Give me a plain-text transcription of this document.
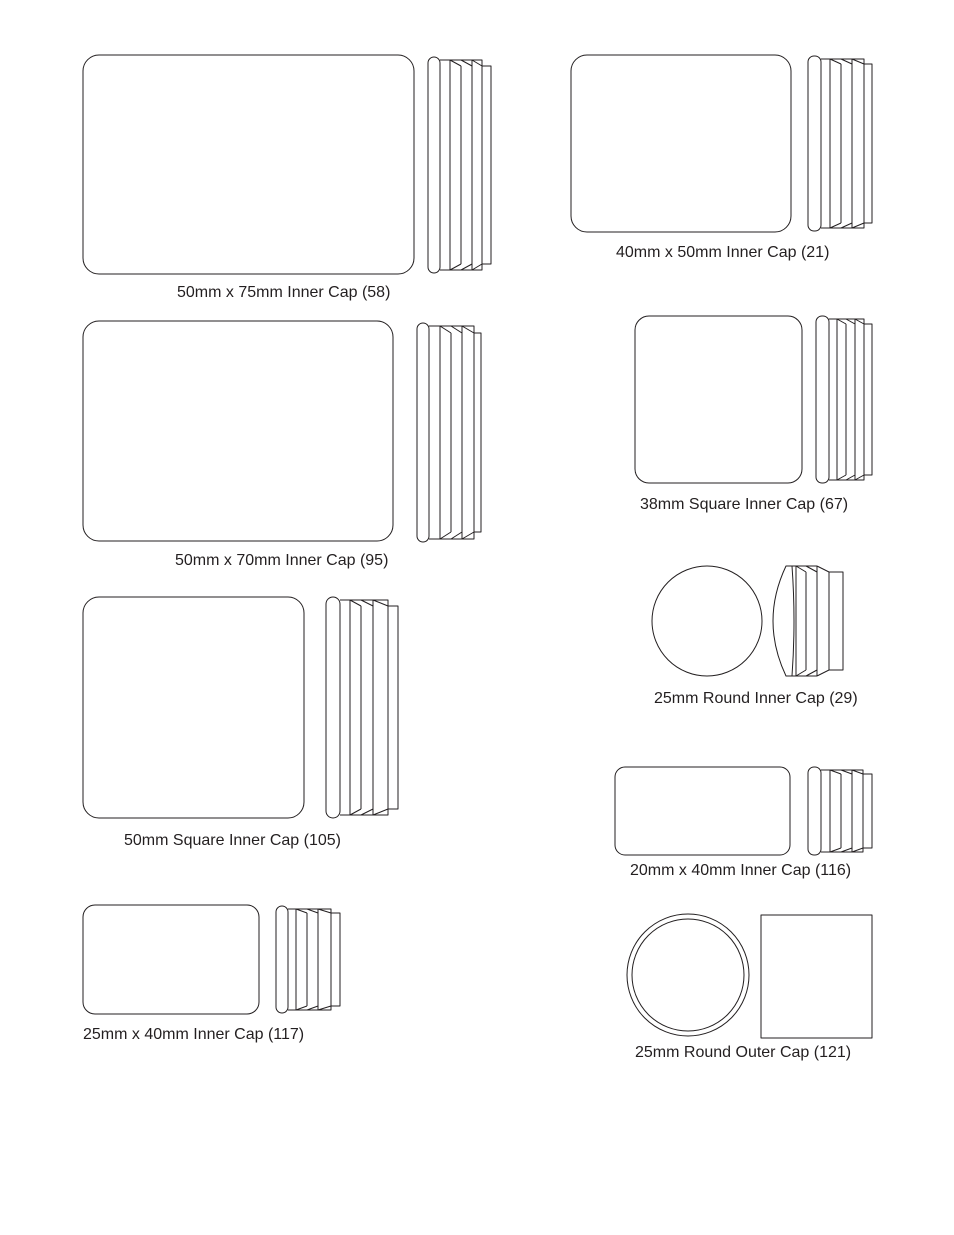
50mm x 75mm Inner Cap (58)
50mm x 70mm Inner Cap (95)
50mm Square Inner Cap (105)
25mm x 40mm Inner Cap (117)
40mm x 50mm Inner Cap (21)
38mm Square Inner Cap (67)
25mm Round Inner Cap (29)
20mm x 40mm Inner Cap (116)
25mm Round Outer Cap (121)
